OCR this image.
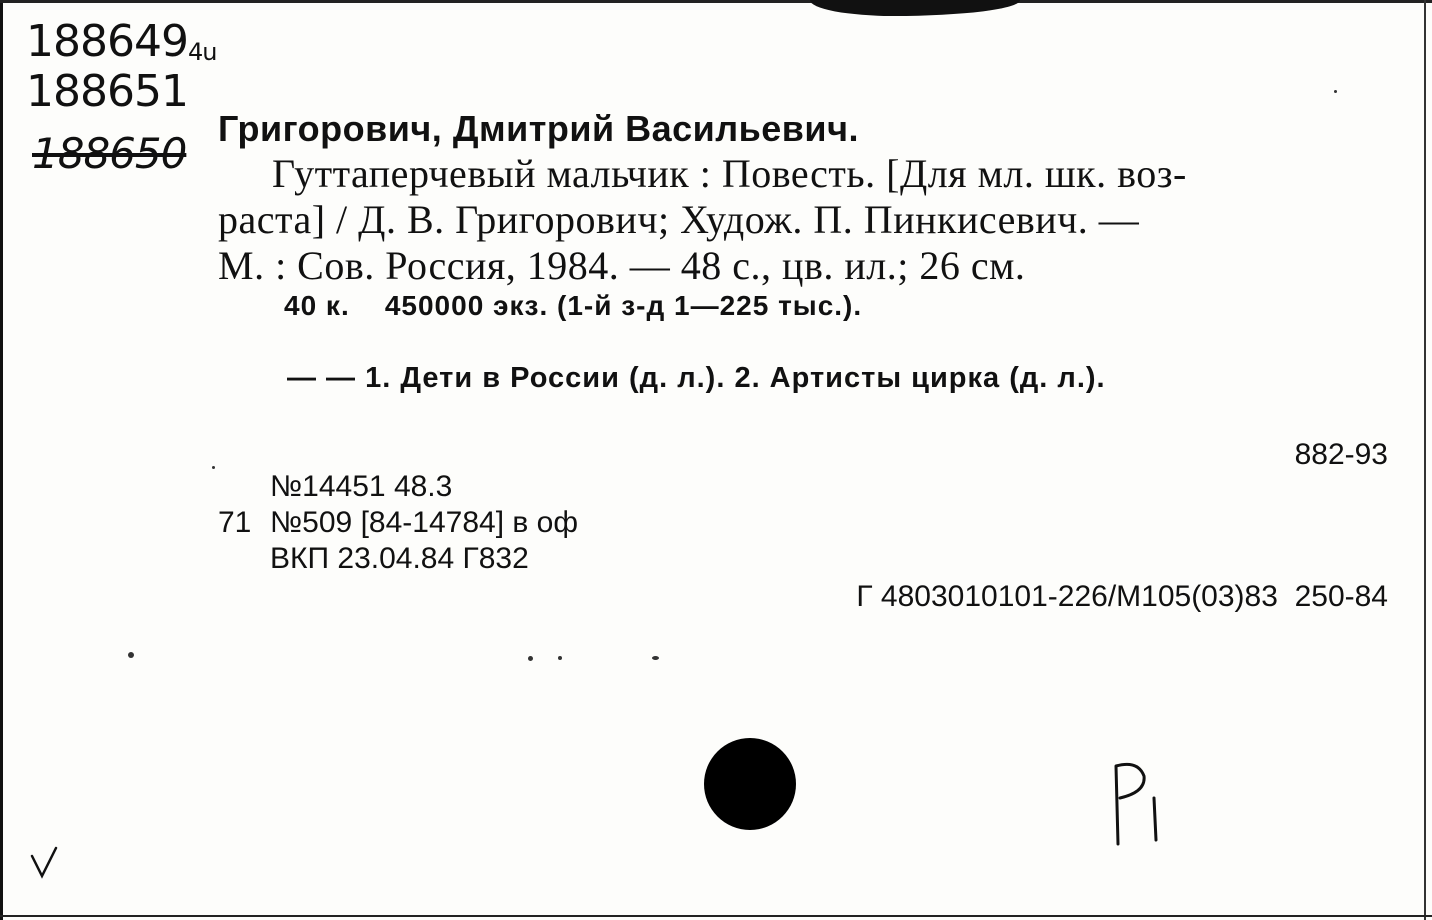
1886494u
188651
188650
Григорович, Дмитрий Васильевич.
Гуттаперчевый мальчик : Повесть. [Для мл. шк. воз-
раста] / Д. В. Григорович; Худож. П. Пинкисевич. —
М. : Сов. Россия, 1984. — 48 с., цв. ил.; 26 см.
40 к.    450000 экз. (1-й з-д 1—225 тыс.).
— — 1. Дети в России (д. л.). 2. Артисты цирка (д. л.).
882-93
№14451 48.3
71 №509 [84-14784] в оф
ВКП 23.04.84 Г832
Г 4803010101-226/М105(03)83  250-84
